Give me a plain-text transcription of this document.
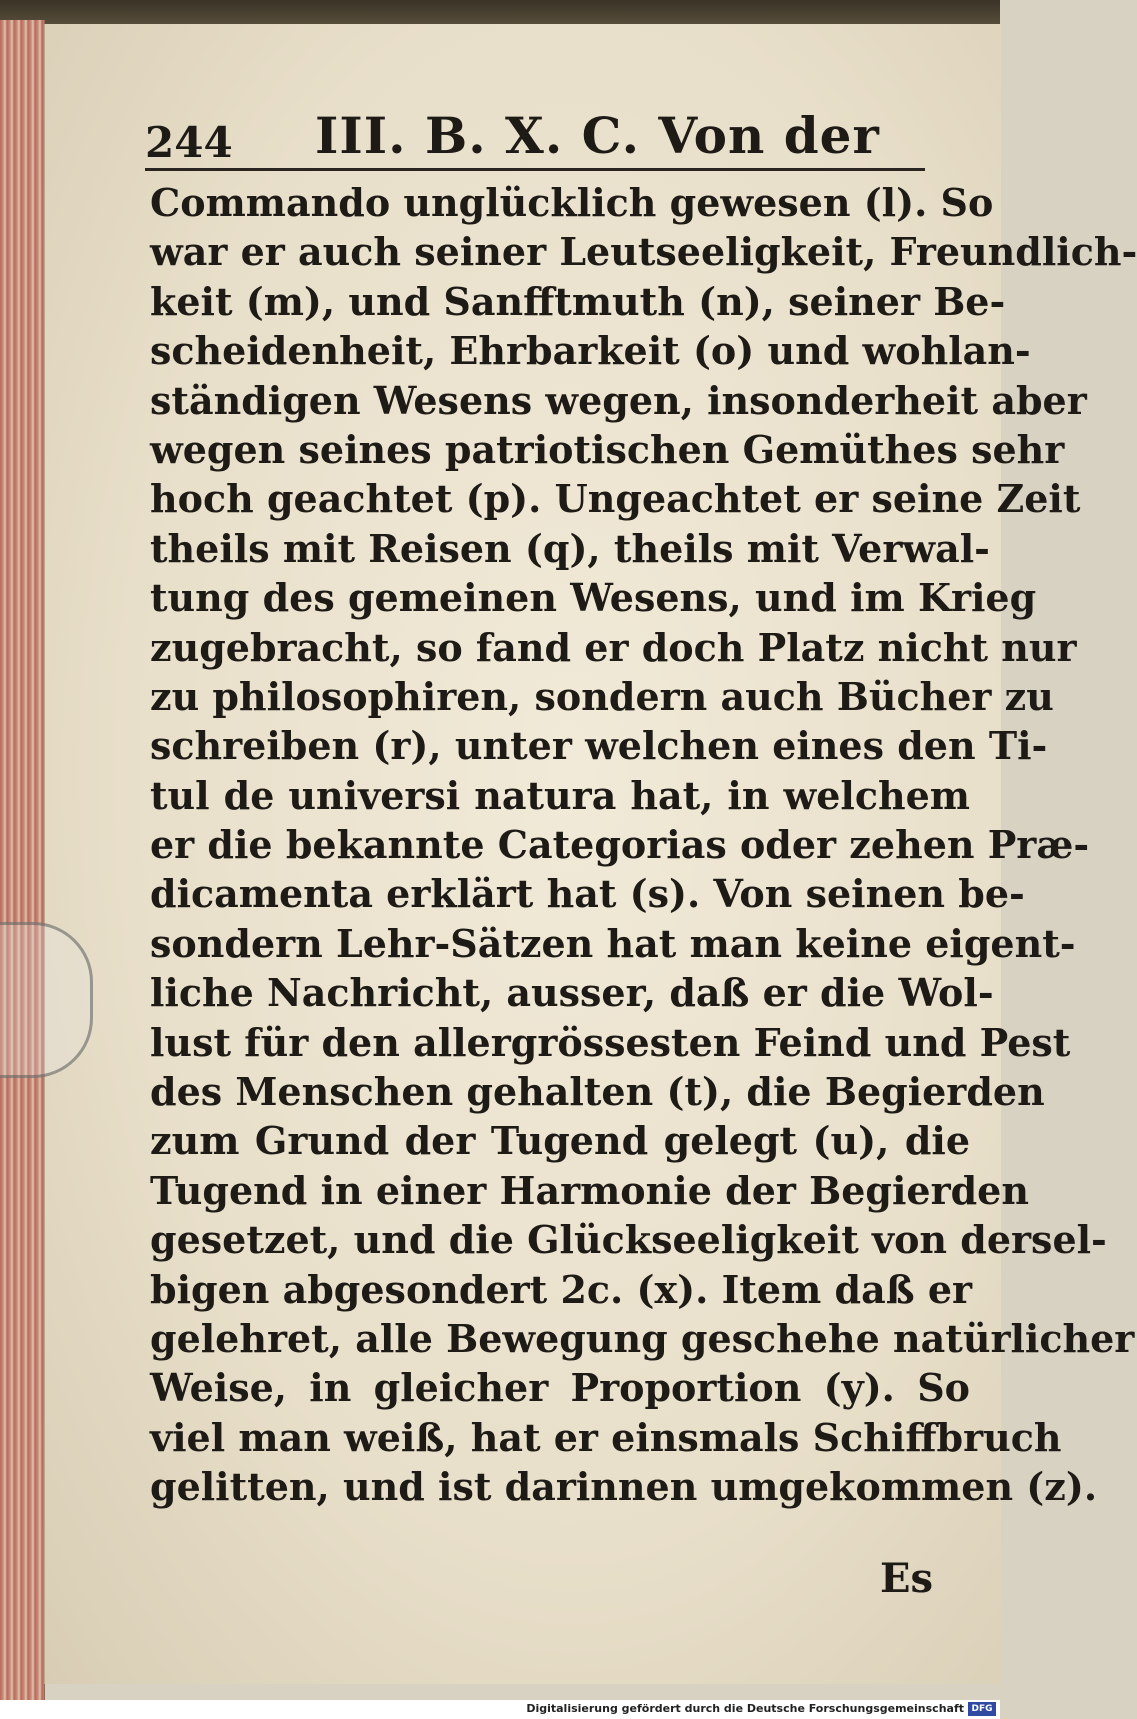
244 III. B. X. C. Von der
Commando unglücklich gewesen (l). So
war er auch seiner Leutseeligkeit, Freundlich-
keit (m), und Sanfftmuth (n), seiner Be-
scheidenheit, Ehrbarkeit (o) und wohlan-
ständigen Wesens wegen, insonderheit aber
wegen seines patriotischen Gemüthes sehr
hoch geachtet (p). Ungeachtet er seine Zeit
theils mit Reisen (q), theils mit Verwal-
tung des gemeinen Wesens, und im Krieg
zugebracht, so fand er doch Platz nicht nur
zu philosophiren, sondern auch Bücher zu
schreiben (r), unter welchen eines den Ti-
tul de universi natura hat, in welchem
er die bekannte Categorias oder zehen Præ-
dicamenta erklärt hat (s). Von seinen be-
sondern Lehr-Sätzen hat man keine eigent-
liche Nachricht, ausser, daß er die Wol-
lust für den allergrössesten Feind und Pest
des Menschen gehalten (t), die Begierden
zum Grund der Tugend gelegt (u), die
Tugend in einer Harmonie der Begierden
gesetzet, und die Glückseeligkeit von dersel-
bigen abgesondert 2c. (x). Item daß er
gelehret, alle Bewegung geschehe natürlicher
Weise, in gleicher Proportion (y). So
viel man weiß, hat er einsmals Schiffbruch
gelitten, und ist darinnen umgekommen (z).
Es
Digitalisierung gefördert durch die Deutsche Forschungsgemeinschaft DFG
